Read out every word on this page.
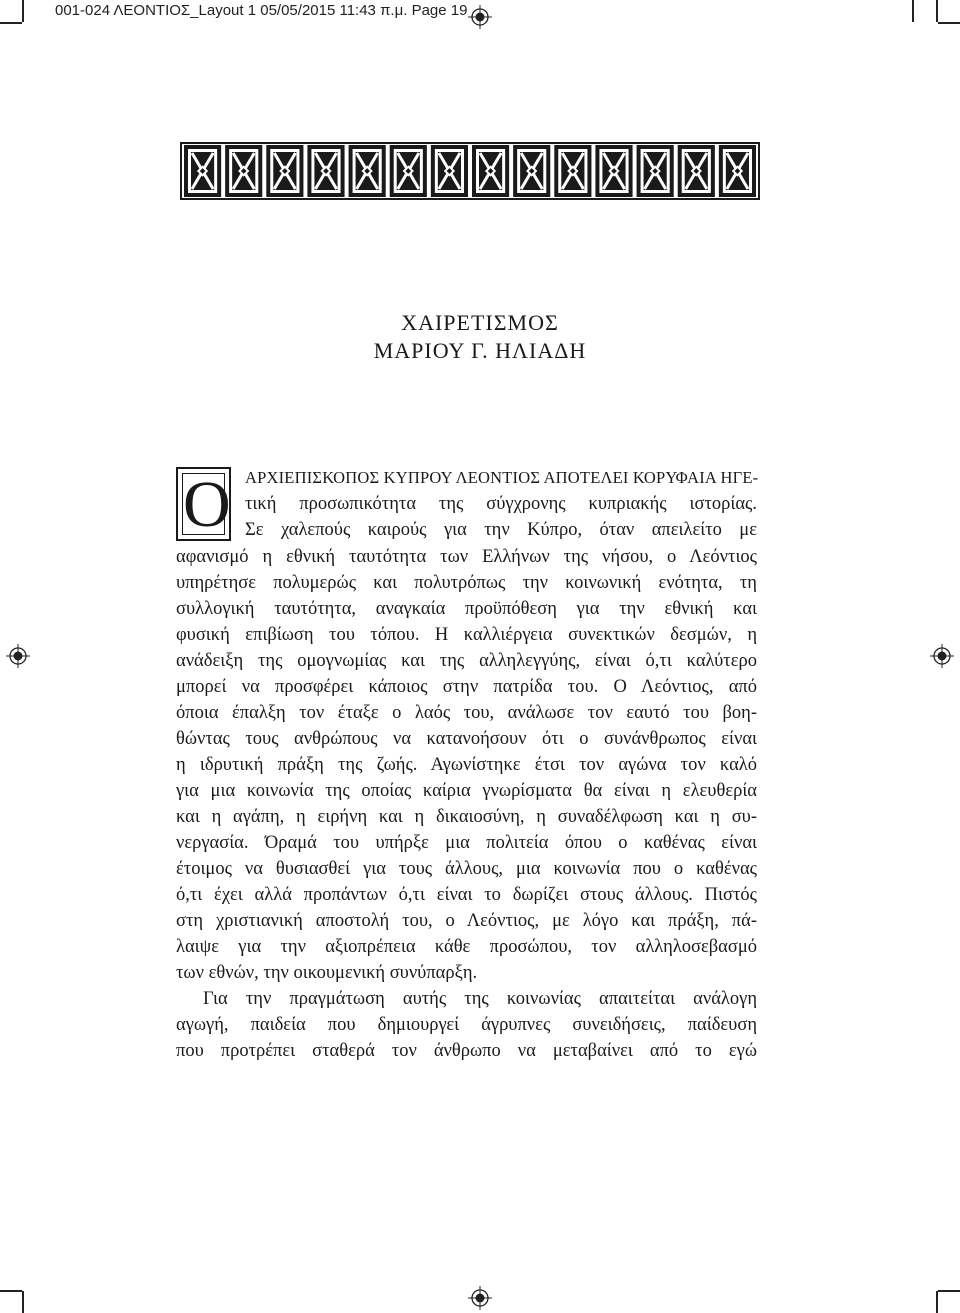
001-024 ΛΕΟΝΤΙΟΣ_Layout 1 05/05/2015 11:43 π.μ. Page 19
ΧΑΙΡΕΤΙΣΜΟΣ
ΜΑΡΙΟΥ Γ. ΗΛΙΑΔΗ
Ο ΑΡΧΙΕΠΙΣΚΟΠΟΣ ΚΥΠΡΟΥ ΛΕΟΝΤΙΟΣ ΑΠΟΤΕΛΕΙ ΚΟΡΥΦΑΙΑ ΗΓΕ-
τική προσωπικότητα της σύγχρονης κυπριακής ιστορίας.
Σε χαλεπούς καιρούς για την Κύπρο, όταν απειλείτο με
αφανισμό η εθνική ταυτότητα των Ελλήνων της νήσου, ο Λεόντιος
υπηρέτησε πολυμερώς και πολυτρόπως την κοινωνική ενότητα, τη
συλλογική ταυτότητα, αναγκαία προϋπόθεση για την εθνική και
φυσική επιβίωση του τόπου. Η καλλιέργεια συνεκτικών δεσμών, η
ανάδειξη της ομογνωμίας και της αλληλεγγύης, είναι ό,τι καλύτερο
μπορεί να προσφέρει κάποιος στην πατρίδα του. Ο Λεόντιος, από
όποια έπαλξη τον έταξε ο λαός του, ανάλωσε τον εαυτό του βοη-
θώντας τους ανθρώπους να κατανοήσουν ότι ο συνάνθρωπος είναι
η ιδρυτική πράξη της ζωής. Αγωνίστηκε έτσι τον αγώνα τον καλό
για μια κοινωνία της οποίας καίρια γνωρίσματα θα είναι η ελευθερία
και η αγάπη, η ειρήνη και η δικαιοσύνη, η συναδέλφωση και η συ-
νεργασία. Όραμά του υπήρξε μια πολιτεία όπου ο καθένας είναι
έτοιμος να θυσιασθεί για τους άλλους, μια κοινωνία που ο καθένας
ό,τι έχει αλλά προπάντων ό,τι είναι το δωρίζει στους άλλους. Πιστός
στη χριστιανική αποστολή του, ο Λεόντιος, με λόγο και πράξη, πά-
λαιψε για την αξιοπρέπεια κάθε προσώπου, τον αλληλοσεβασμό
των εθνών, την οικουμενική συνύπαρξη.
Για την πραγμάτωση αυτής της κοινωνίας απαιτείται ανάλογη
αγωγή, παιδεία που δημιουργεί άγρυπνες συνειδήσεις, παίδευση
που προτρέπει σταθερά τον άνθρωπο να μεταβαίνει από το εγώ
